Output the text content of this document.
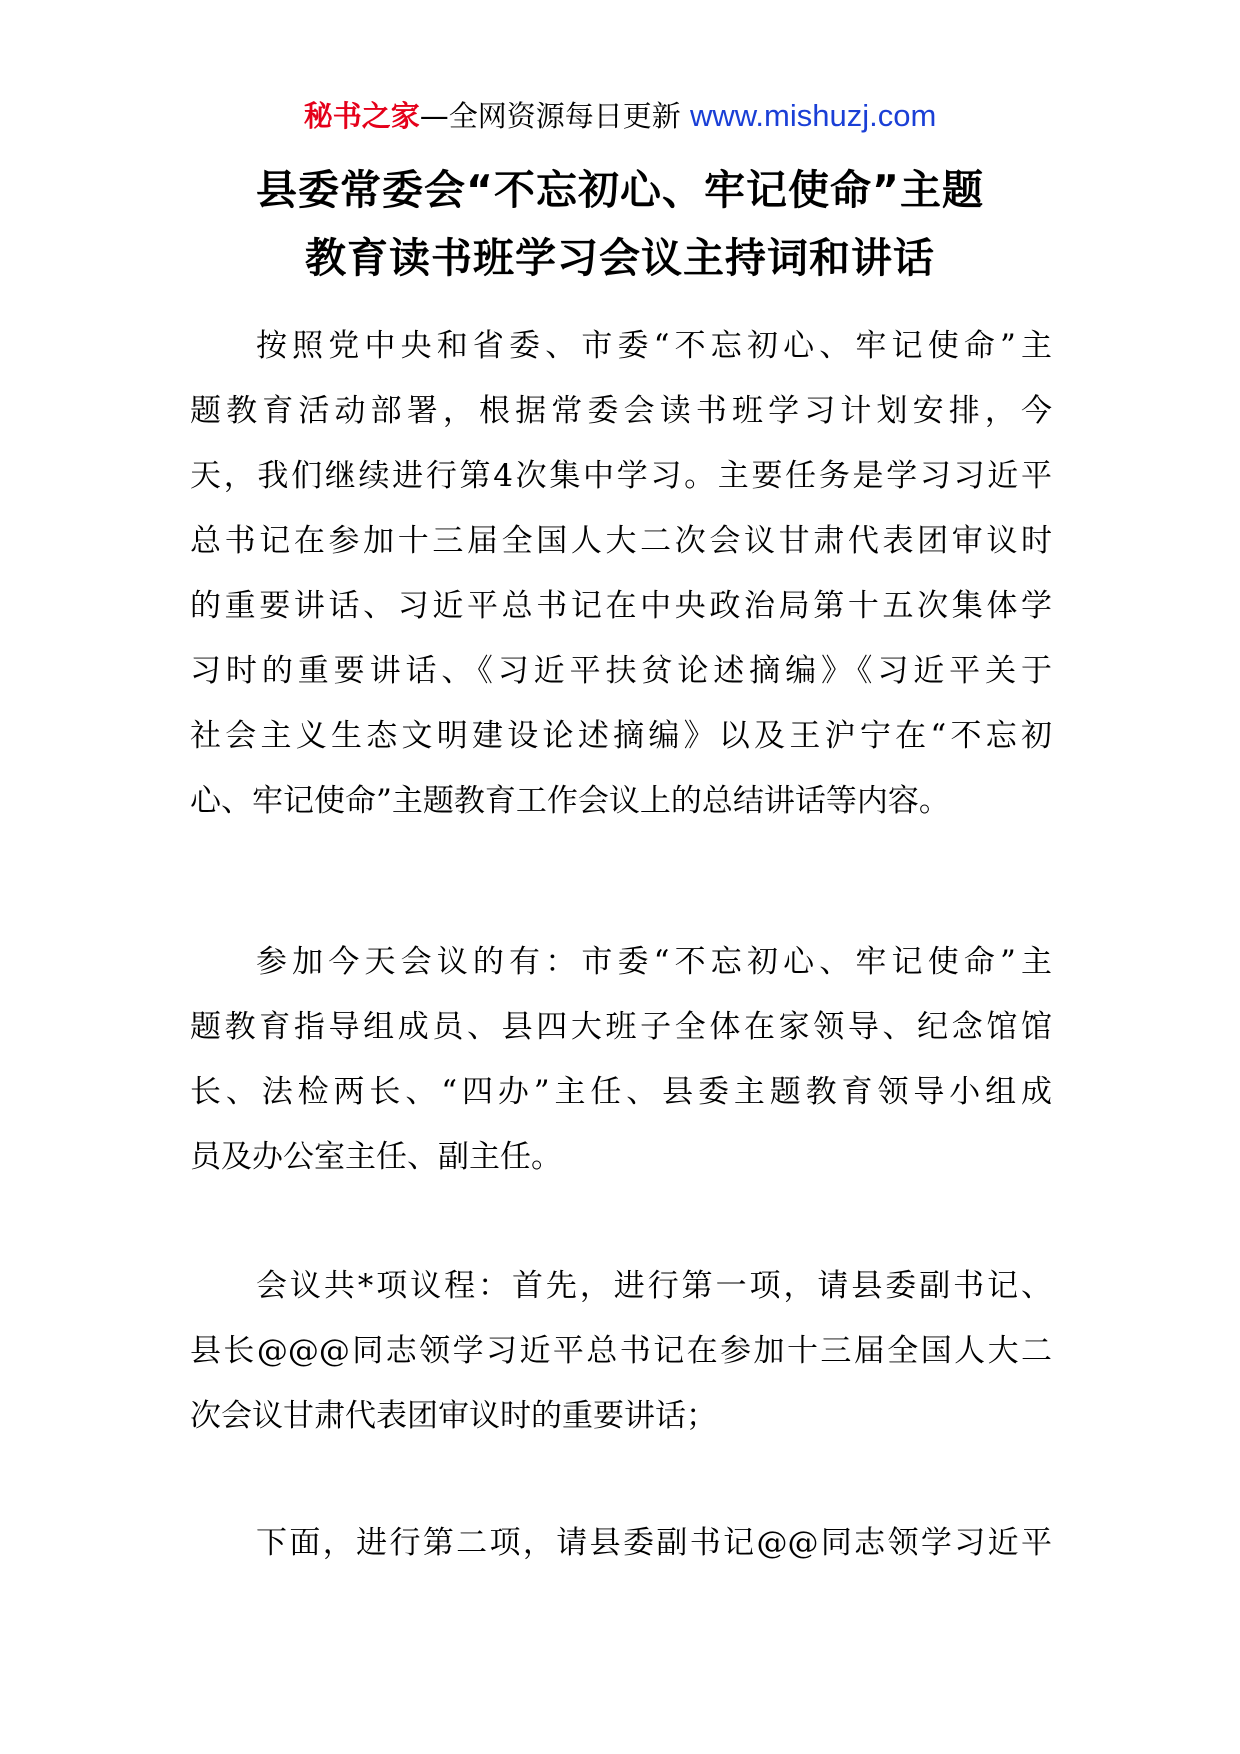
秘书之家—全网资源每日更新 www.mishuzj.com
县委常委会“不忘初心、牢记使命”主题
教育读书班学习会议主持词和讲话
按照党中央和省委、市委“不忘初心、牢记使命”主
题教育活动部署，根据常委会读书班学习计划安排，今
天，我们继续进行第4次集中学习。主要任务是学习习近平
总书记在参加十三届全国人大二次会议甘肃代表团审议时
的重要讲话、习近平总书记在中央政治局第十五次集体学
习时的重要讲话、《习近平扶贫论述摘编》《习近平关于
社会主义生态文明建设论述摘编》以及王沪宁在“不忘初
心、牢记使命”主题教育工作会议上的总结讲话等内容。
参加今天会议的有：市委“不忘初心、牢记使命”主
题教育指导组成员、县四大班子全体在家领导、纪念馆馆
长、法检两长、“四办”主任、县委主题教育领导小组成
员及办公室主任、副主任。
会议共*项议程：首先，进行第一项，请县委副书记、
县长@@@同志领学习近平总书记在参加十三届全国人大二
次会议甘肃代表团审议时的重要讲话；
下面，进行第二项，请县委副书记@@同志领学习近平
